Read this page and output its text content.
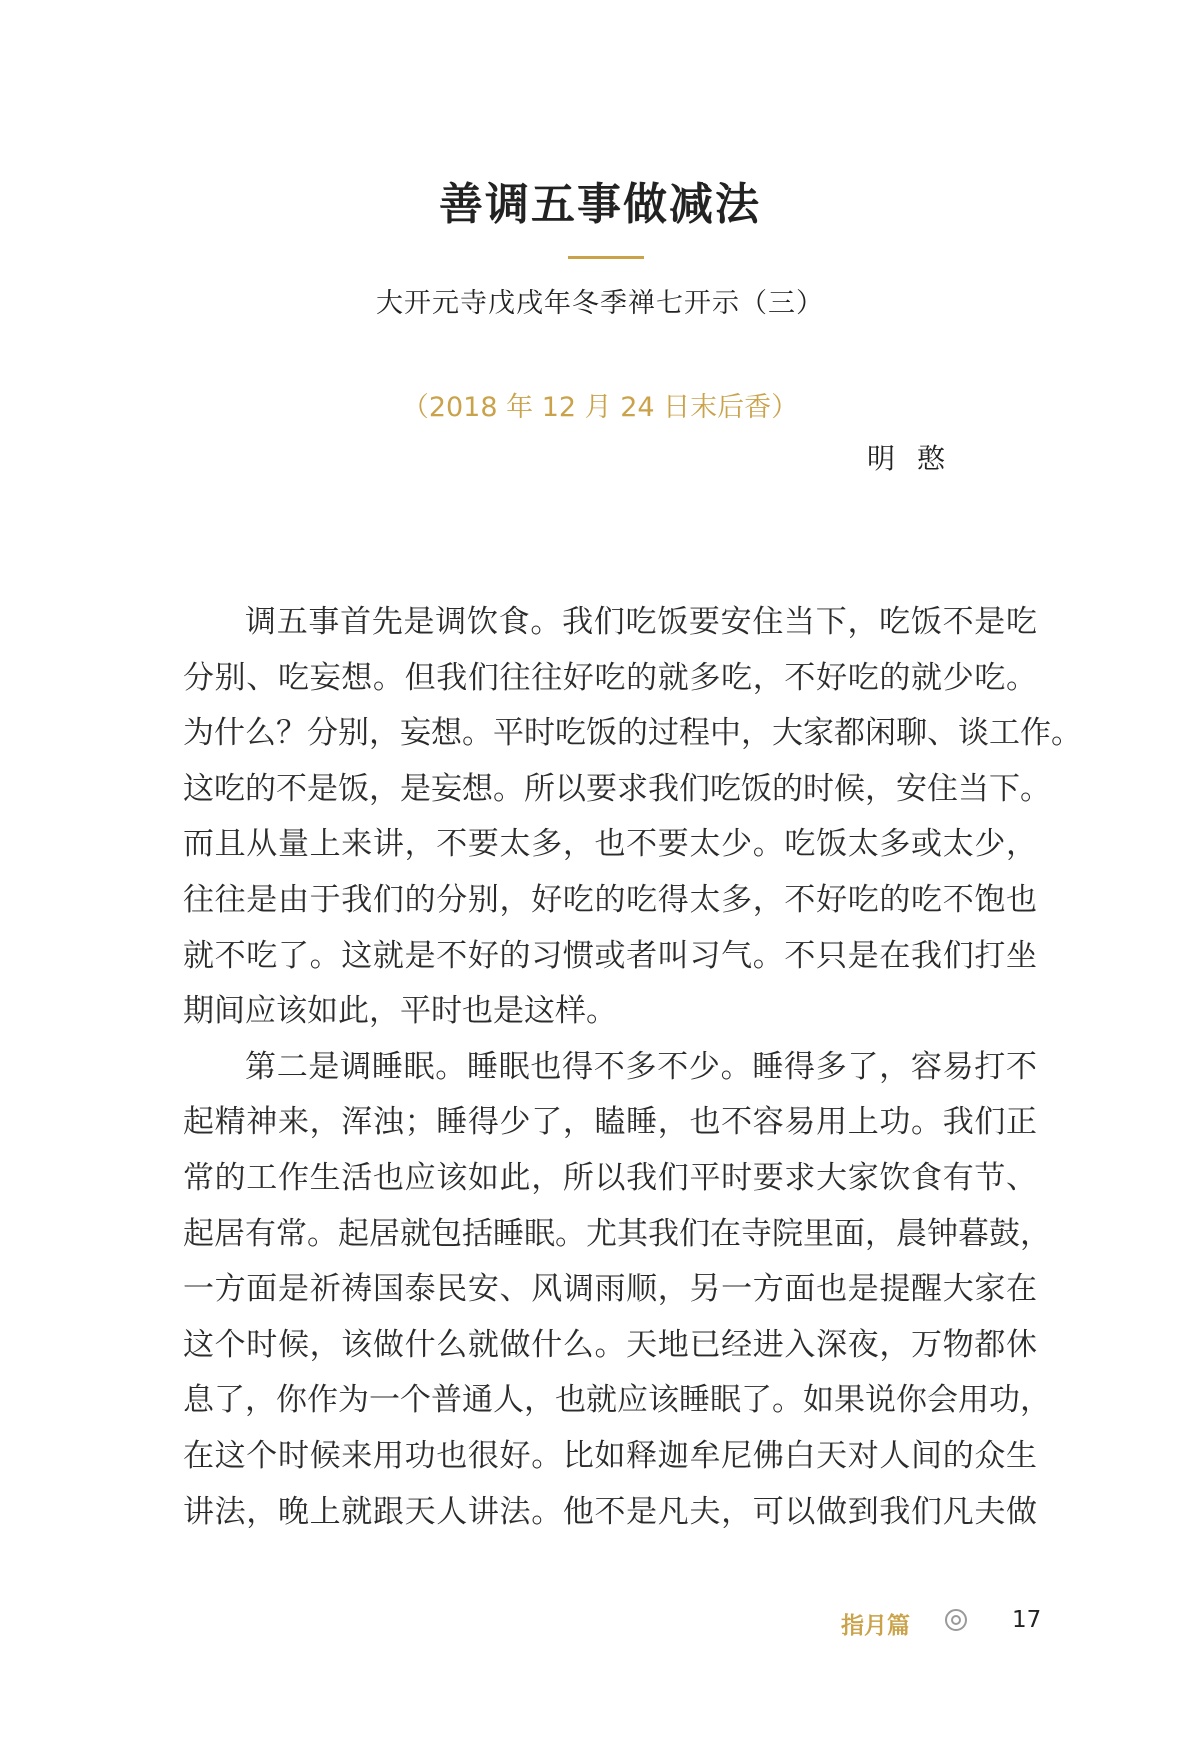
善调五事做减法
大开元寺戊戌年冬季禅七开示（三）
（2018 年 12 月 24 日末后香）
明憨

调五事首先是调饮食。我们吃饭要安住当下，吃饭不是吃

分别、吃妄想。但我们往往好吃的就多吃，不好吃的就少吃。

为什么？分别，妄想。平时吃饭的过程中，大家都闲聊、谈工作。

这吃的不是饭，是妄想。所以要求我们吃饭的时候，安住当下。

而且从量上来讲，不要太多，也不要太少。吃饭太多或太少，

往往是由于我们的分别，好吃的吃得太多，不好吃的吃不饱也

就不吃了。这就是不好的习惯或者叫习气。不只是在我们打坐

期间应该如此，平时也是这样。

第二是调睡眠。睡眠也得不多不少。睡得多了，容易打不

起精神来，浑浊；睡得少了，瞌睡，也不容易用上功。我们正

常的工作生活也应该如此，所以我们平时要求大家饮食有节、

起居有常。起居就包括睡眠。尤其我们在寺院里面，晨钟暮鼓，

一方面是祈祷国泰民安、风调雨顺，另一方面也是提醒大家在

这个时候，该做什么就做什么。天地已经进入深夜，万物都休

息了，你作为一个普通人，也就应该睡眠了。如果说你会用功，

在这个时候来用功也很好。比如释迦牟尼佛白天对人间的众生

讲法，晚上就跟天人讲法。他不是凡夫，可以做到我们凡夫做

指月篇	17
